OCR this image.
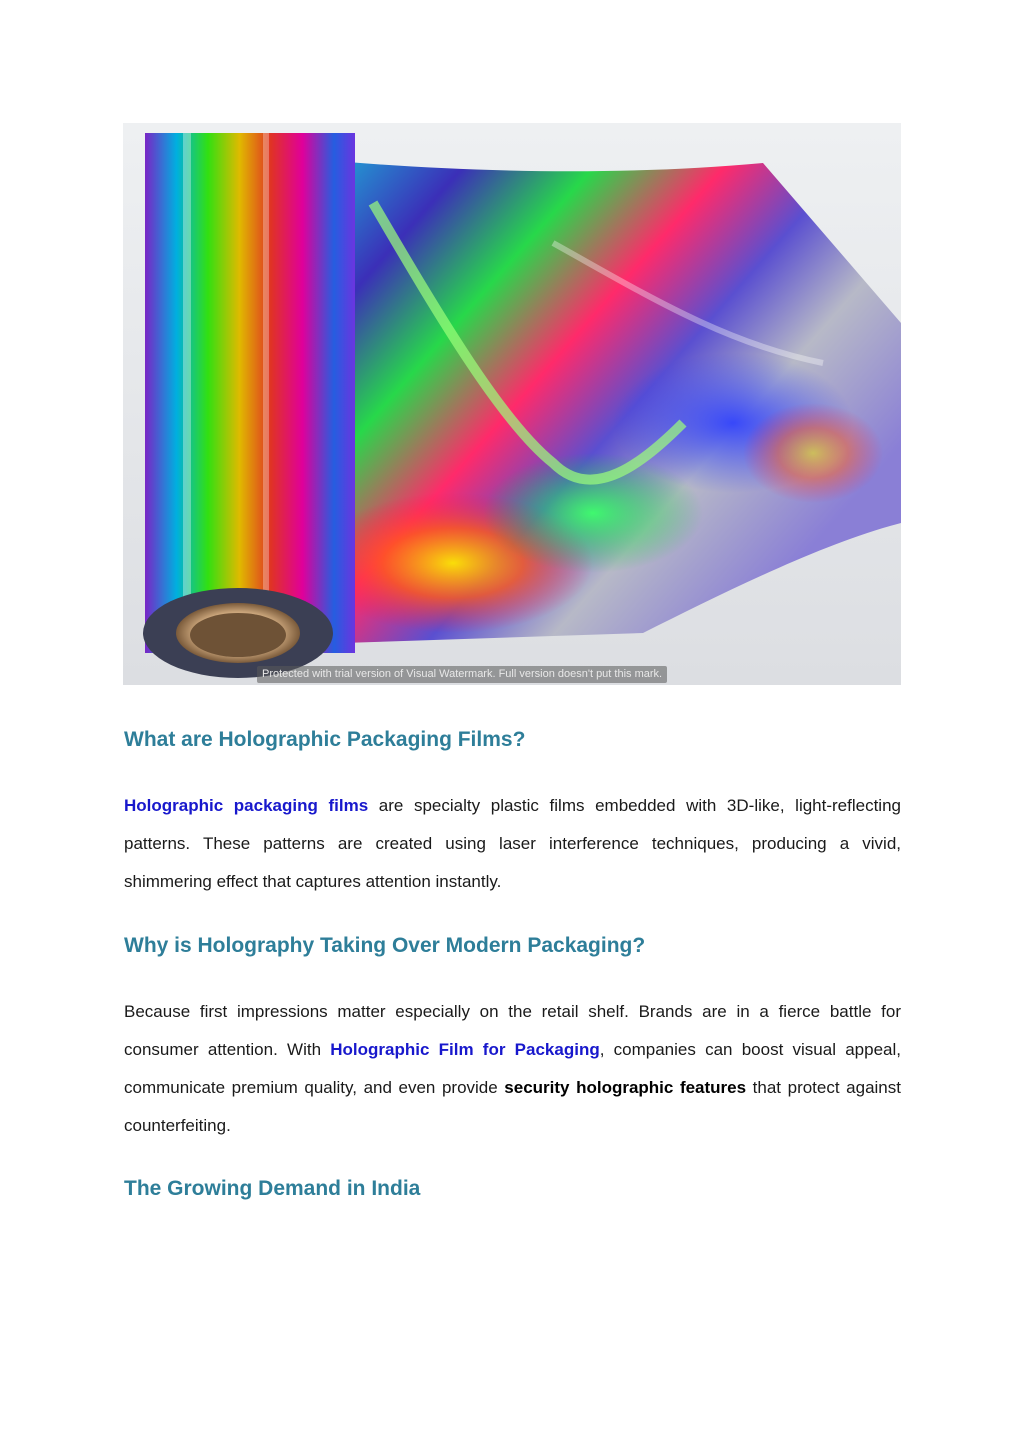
Protected with trial version of Visual Watermark. Full version doesn't put this mark.
What are Holographic Packaging Films?

Holographic packaging films are specialty plastic films embedded with 3D-like, light-reflecting patterns. These patterns are created using laser interference techniques, producing a vivid, shimmering effect that captures attention instantly.

Why is Holography Taking Over Modern Packaging?

Because first impressions matter especially on the retail shelf. Brands are in a fierce battle for consumer attention. With Holographic Film for Packaging, companies can boost visual appeal, communicate premium quality, and even provide security holographic features that protect against counterfeiting.

The Growing Demand in India
